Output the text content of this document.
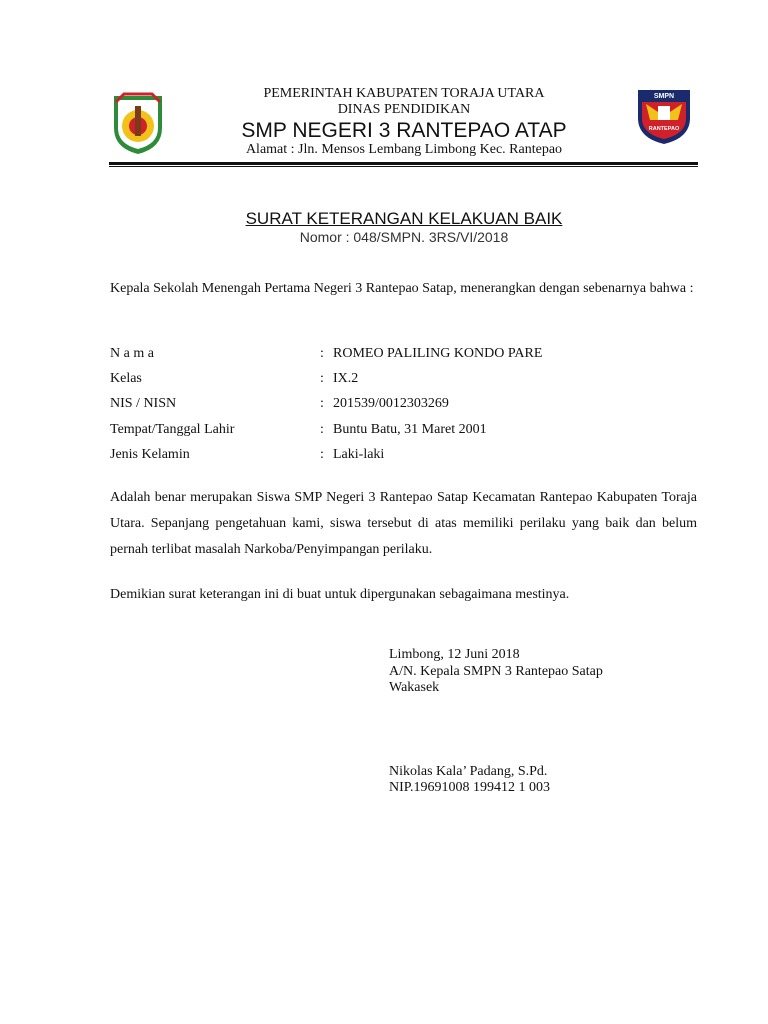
SMPN
RANTEPAO
PEMERINTAH KABUPATEN TORAJA UTARA
DINAS PENDIDIKAN
SMP NEGERI 3 RANTEPAO ATAP
Alamat : Jln. Mensos Lembang Limbong Kec. Rantepao
SURAT KETERANGAN KELAKUAN BAIK
Nomor : 048/SMPN. 3RS/VI/2018
Kepala Sekolah Menengah Pertama Negeri 3 Rantepao Satap, menerangkan dengan sebenarnya bahwa :
N a m a	: ROMEO PALILING KONDO PARE
Kelas	: IX.2
NIS / NISN	: 201539/0012303269
Tempat/Tanggal Lahir	: Buntu Batu, 31 Maret 2001
Jenis Kelamin	: Laki-laki
Adalah benar merupakan Siswa SMP Negeri 3 Rantepao Satap Kecamatan Rantepao Kabupaten Toraja Utara. Sepanjang pengetahuan kami, siswa tersebut di atas memiliki perilaku yang baik dan belum pernah terlibat masalah Narkoba/Penyimpangan perilaku.
Demikian surat keterangan ini di buat untuk dipergunakan sebagaimana mestinya.
Limbong, 12 Juni 2018
A/N. Kepala SMPN 3 Rantepao Satap
Wakasek
Nikolas Kala’ Padang, S.Pd.
NIP.19691008 199412 1 003
